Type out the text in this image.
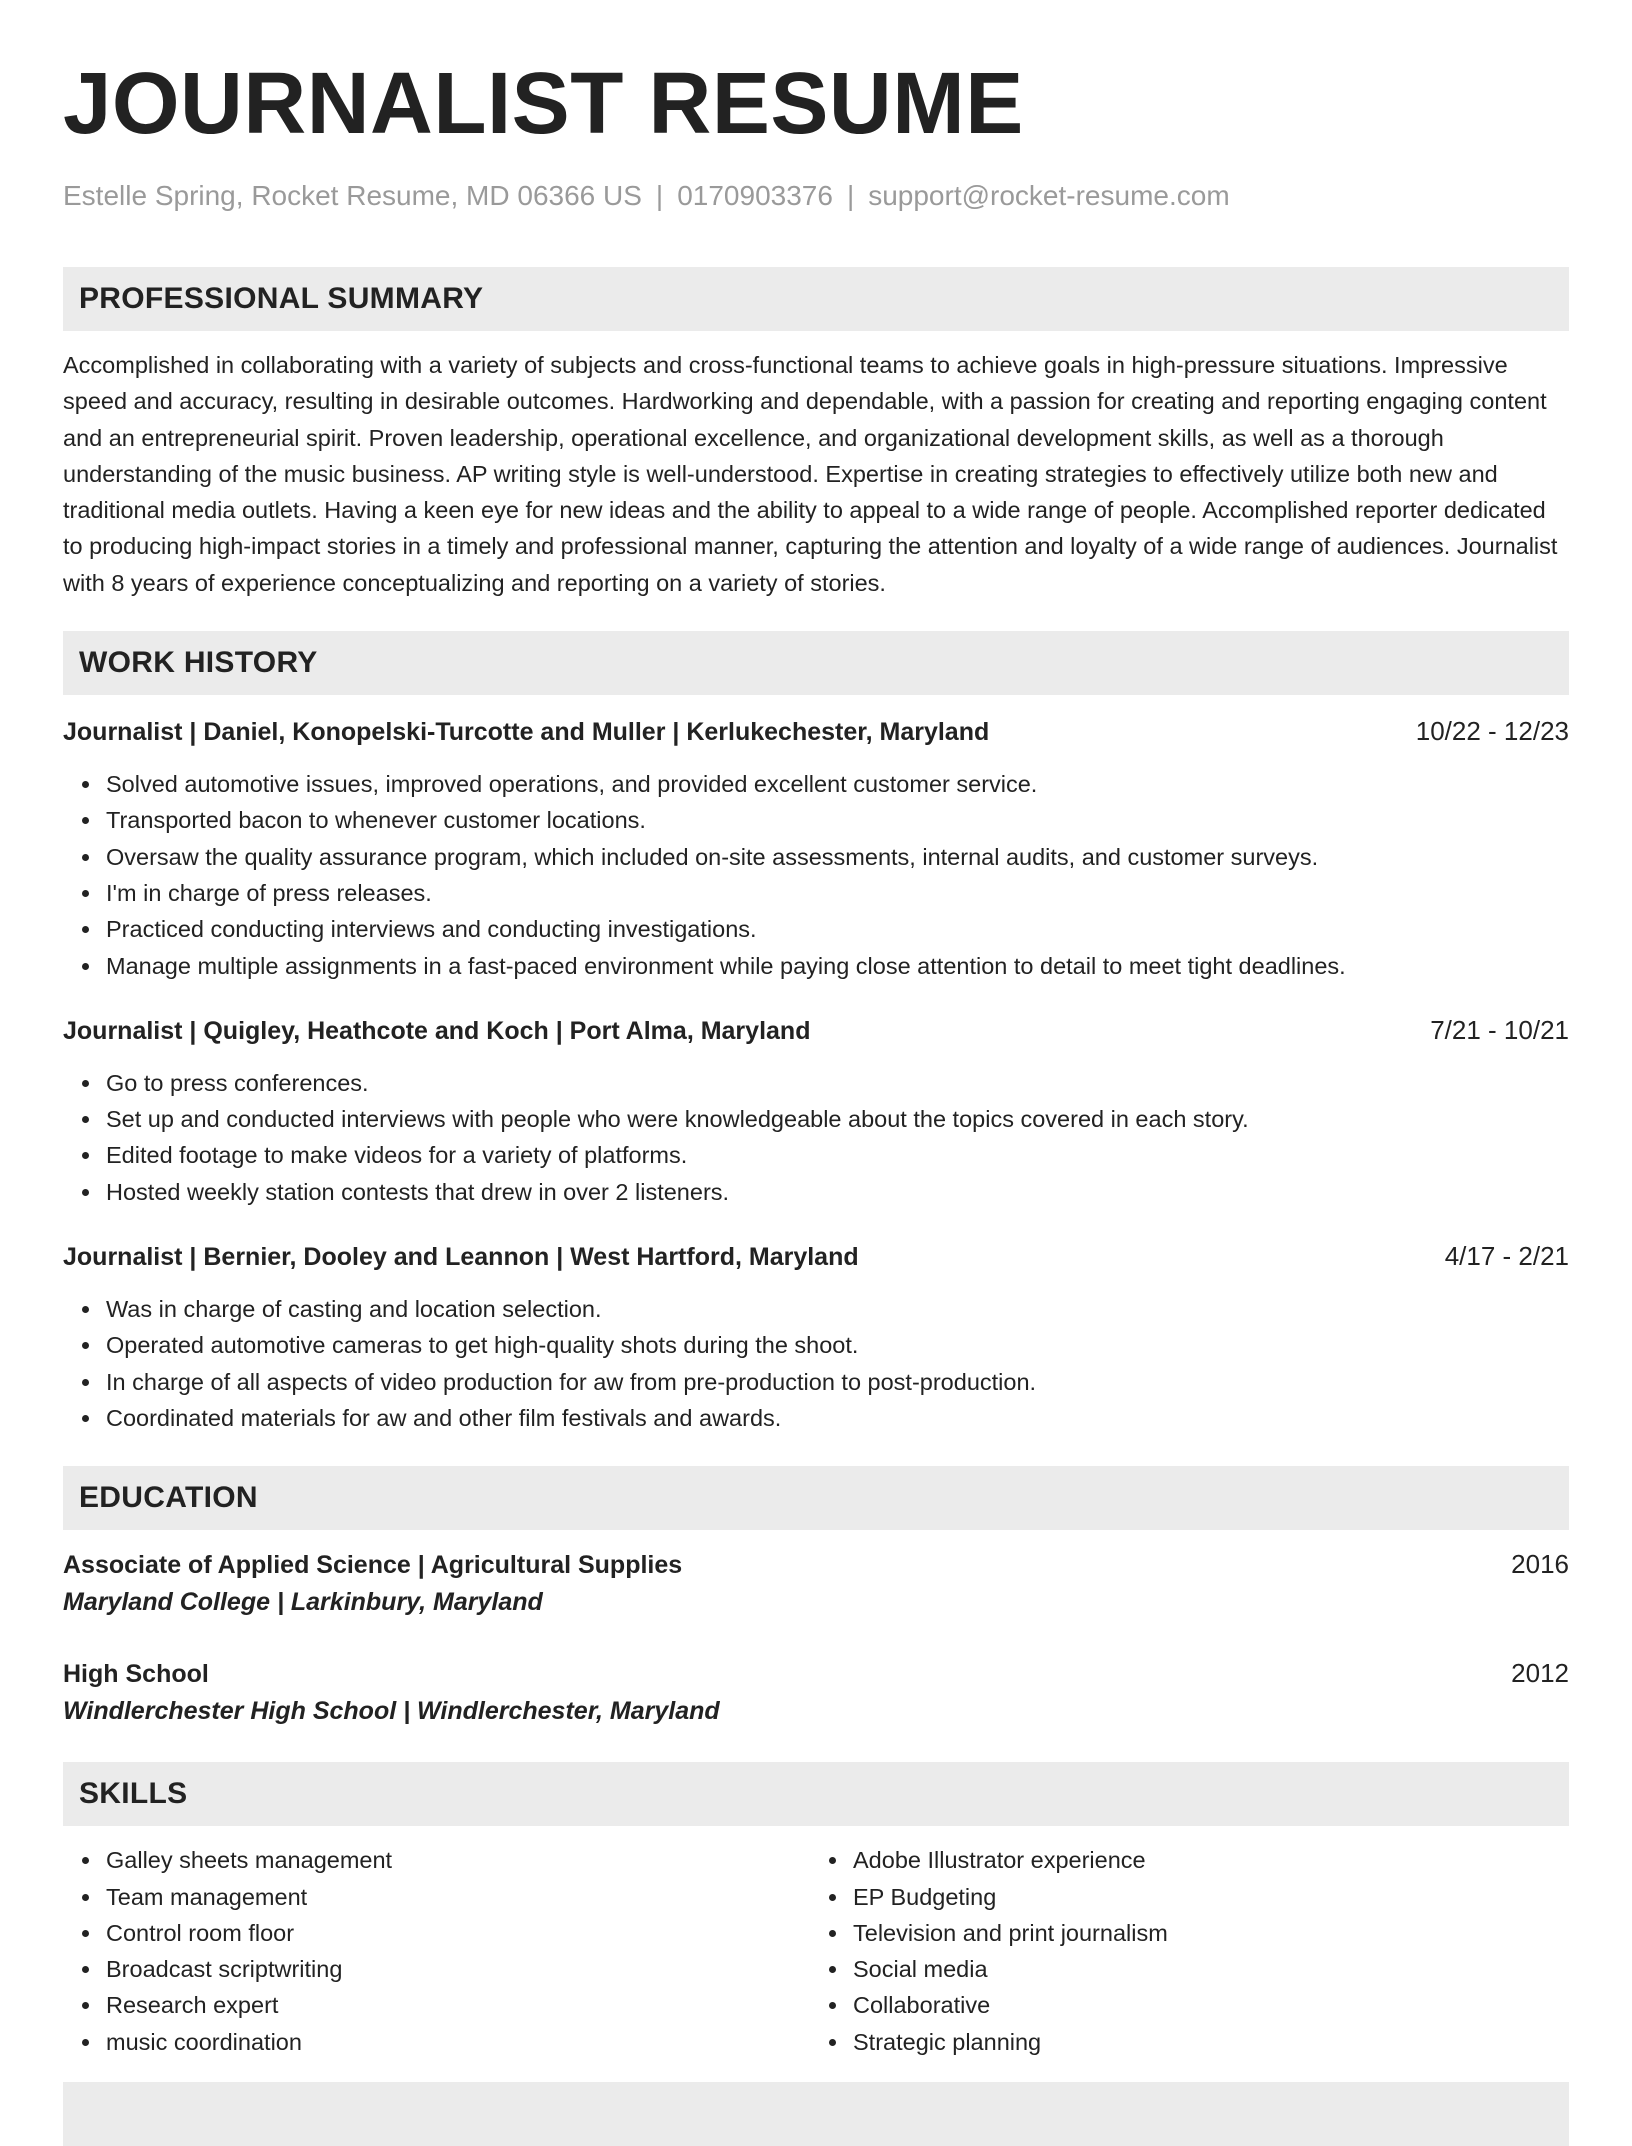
JOURNALIST RESUME
Estelle Spring, Rocket Resume, MD 06366 US | 0170903376 | support@rocket-resume.com
PROFESSIONAL SUMMARY
Accomplished in collaborating with a variety of subjects and cross-functional teams to achieve goals in high-pressure situations. Impressive speed and accuracy, resulting in desirable outcomes. Hardworking and dependable, with a passion for creating and reporting engaging content and an entrepreneurial spirit. Proven leadership, operational excellence, and organizational development skills, as well as a thorough understanding of the music business. AP writing style is well-understood. Expertise in creating strategies to effectively utilize both new and traditional media outlets. Having a keen eye for new ideas and the ability to appeal to a wide range of people. Accomplished reporter dedicated to producing high-impact stories in a timely and professional manner, capturing the attention and loyalty of a wide range of audiences. Journalist with 8 years of experience conceptualizing and reporting on a variety of stories.
WORK HISTORY
Journalist | Daniel, Konopelski-Turcotte and Muller | Kerlukechester, Maryland	10/22 - 12/23
Solved automotive issues, improved operations, and provided excellent customer service.
Transported bacon to whenever customer locations.
Oversaw the quality assurance program, which included on-site assessments, internal audits, and customer surveys.
I'm in charge of press releases.
Practiced conducting interviews and conducting investigations.
Manage multiple assignments in a fast-paced environment while paying close attention to detail to meet tight deadlines.
Journalist | Quigley, Heathcote and Koch | Port Alma, Maryland	7/21 - 10/21
Go to press conferences.
Set up and conducted interviews with people who were knowledgeable about the topics covered in each story.
Edited footage to make videos for a variety of platforms.
Hosted weekly station contests that drew in over 2 listeners.
Journalist | Bernier, Dooley and Leannon | West Hartford, Maryland	4/17 - 2/21
Was in charge of casting and location selection.
Operated automotive cameras to get high-quality shots during the shoot.
In charge of all aspects of video production for aw from pre-production to post-production.
Coordinated materials for aw and other film festivals and awards.
EDUCATION
Associate of Applied Science | Agricultural Supplies	2016
Maryland College | Larkinbury, Maryland
High School	2012
Windlerchester High School | Windlerchester, Maryland
SKILLS
Galley sheets management
Team management
Control room floor
Broadcast scriptwriting
Research expert
music coordination
Adobe Illustrator experience
EP Budgeting
Television and print journalism
Social media
Collaborative
Strategic planning
